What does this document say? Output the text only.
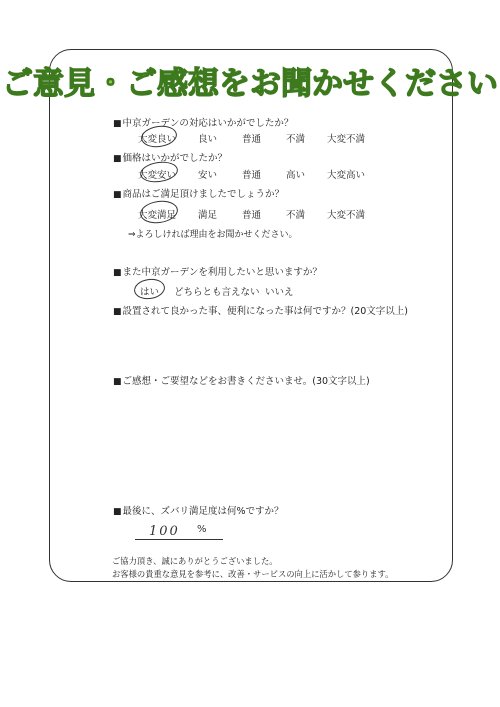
ご意見・ご感想をお聞かせください
■ 中京ガーデンの対応はいかがでしたか？
大変良い 良い	普通	不満 大変不満
■ 価格はいかがでしたか？
大変安い 安い	普通	高い 大変高い
■ 商品はご満足頂けましたでしょうか？
大変満足 満足	普通	不満 大変不満
⇒よろしければ理由をお聞かせください。
■ また中京ガーデンを利用したいと思いますか？
はい どちらとも言えない いいえ
■ 設置されて良かった事、便利になった事は何ですか？(20文字以上)
■ ご感想・ご要望などをお書きくださいませ。(30文字以上)
■ 最後に、ズバリ満足度は何%ですか？
100 %
ご協力頂き、誠にありがとうございました。
お客様の貴重な意見を参考に、改善・サービスの向上に活かして参ります。
